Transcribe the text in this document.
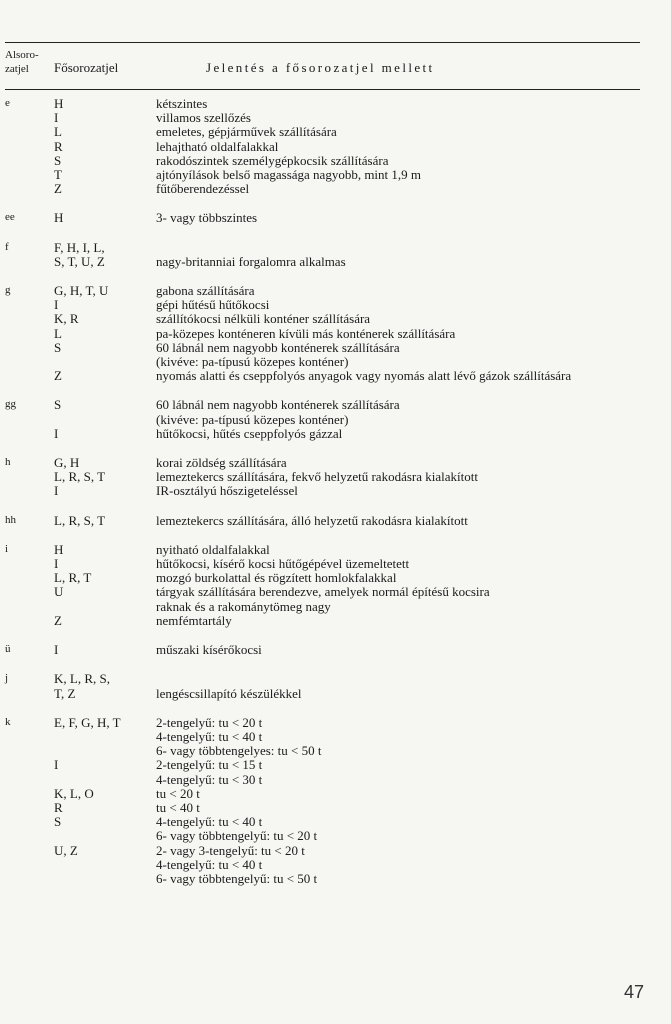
Alsoro- zatjel	Fősorozatjel	Jelentés a fősorozatjel mellett
e	H	kétszintes
I	villamos szellőzés
L	emeletes, gépjárművek szállítására
R	lehajtható oldalfalakkal
S	rakodószintek személygépkocsik szállítására
T	ajtónyílások belső magassága nagyobb, mint 1,9 m
Z	fűtőberendezéssel
ee	H	3- vagy többszintes
f	F, H, I, L,
S, T, U, Z	nagy-britanniai forgalomra alkalmas
g	G, H, T, U	gabona szállítására
I	gépi hűtésű hűtőkocsi
K, R	szállítókocsi nélküli konténer szállítására
L	pa-közepes konténeren kívüli más konténerek szállítására
S	60 lábnál nem nagyobb konténerek szállítására
(kivéve: pa-típusú közepes konténer)
Z	nyomás alatti és cseppfolyós anyagok vagy nyomás alatt lévő gázok szállítására
gg	S	60 lábnál nem nagyobb konténerek szállítására
(kivéve: pa-típusú közepes konténer)
I	hűtőkocsi, hűtés cseppfolyós gázzal
h	G, H	korai zöldség szállítására
L, R, S, T	lemeztekercs szállítására, fekvő helyzetű rakodásra kialakított
I	IR-osztályú hőszigeteléssel
hh	L, R, S, T	lemeztekercs szállítására, álló helyzetű rakodásra kialakított
i	H	nyitható oldalfalakkal
I	hűtőkocsi, kísérő kocsi hűtőgépével üzemeltetett
L, R, T	mozgó burkolattal és rögzített homlokfalakkal
U	tárgyak szállítására berendezve, amelyek normál építésű kocsira
raknak és a rakománytömeg nagy
Z	nemfémtartály
ü	I	műszaki kísérőkocsi
j	K, L, R, S,
T, Z	lengéscsillapító készülékkel
k	E, F, G, H, T	2-tengelyű: tu < 20 t
4-tengelyű: tu < 40 t
6- vagy többtengelyes: tu < 50 t
I	2-tengelyű: tu < 15 t
4-tengelyű: tu < 30 t
K, L, O	tu < 20 t
R	tu < 40 t
S	4-tengelyű: tu < 40 t
6- vagy többtengelyű: tu < 20 t
U, Z	2- vagy 3-tengelyű: tu < 20 t
4-tengelyű: tu < 40 t
6- vagy többtengelyű: tu < 50 t
47
